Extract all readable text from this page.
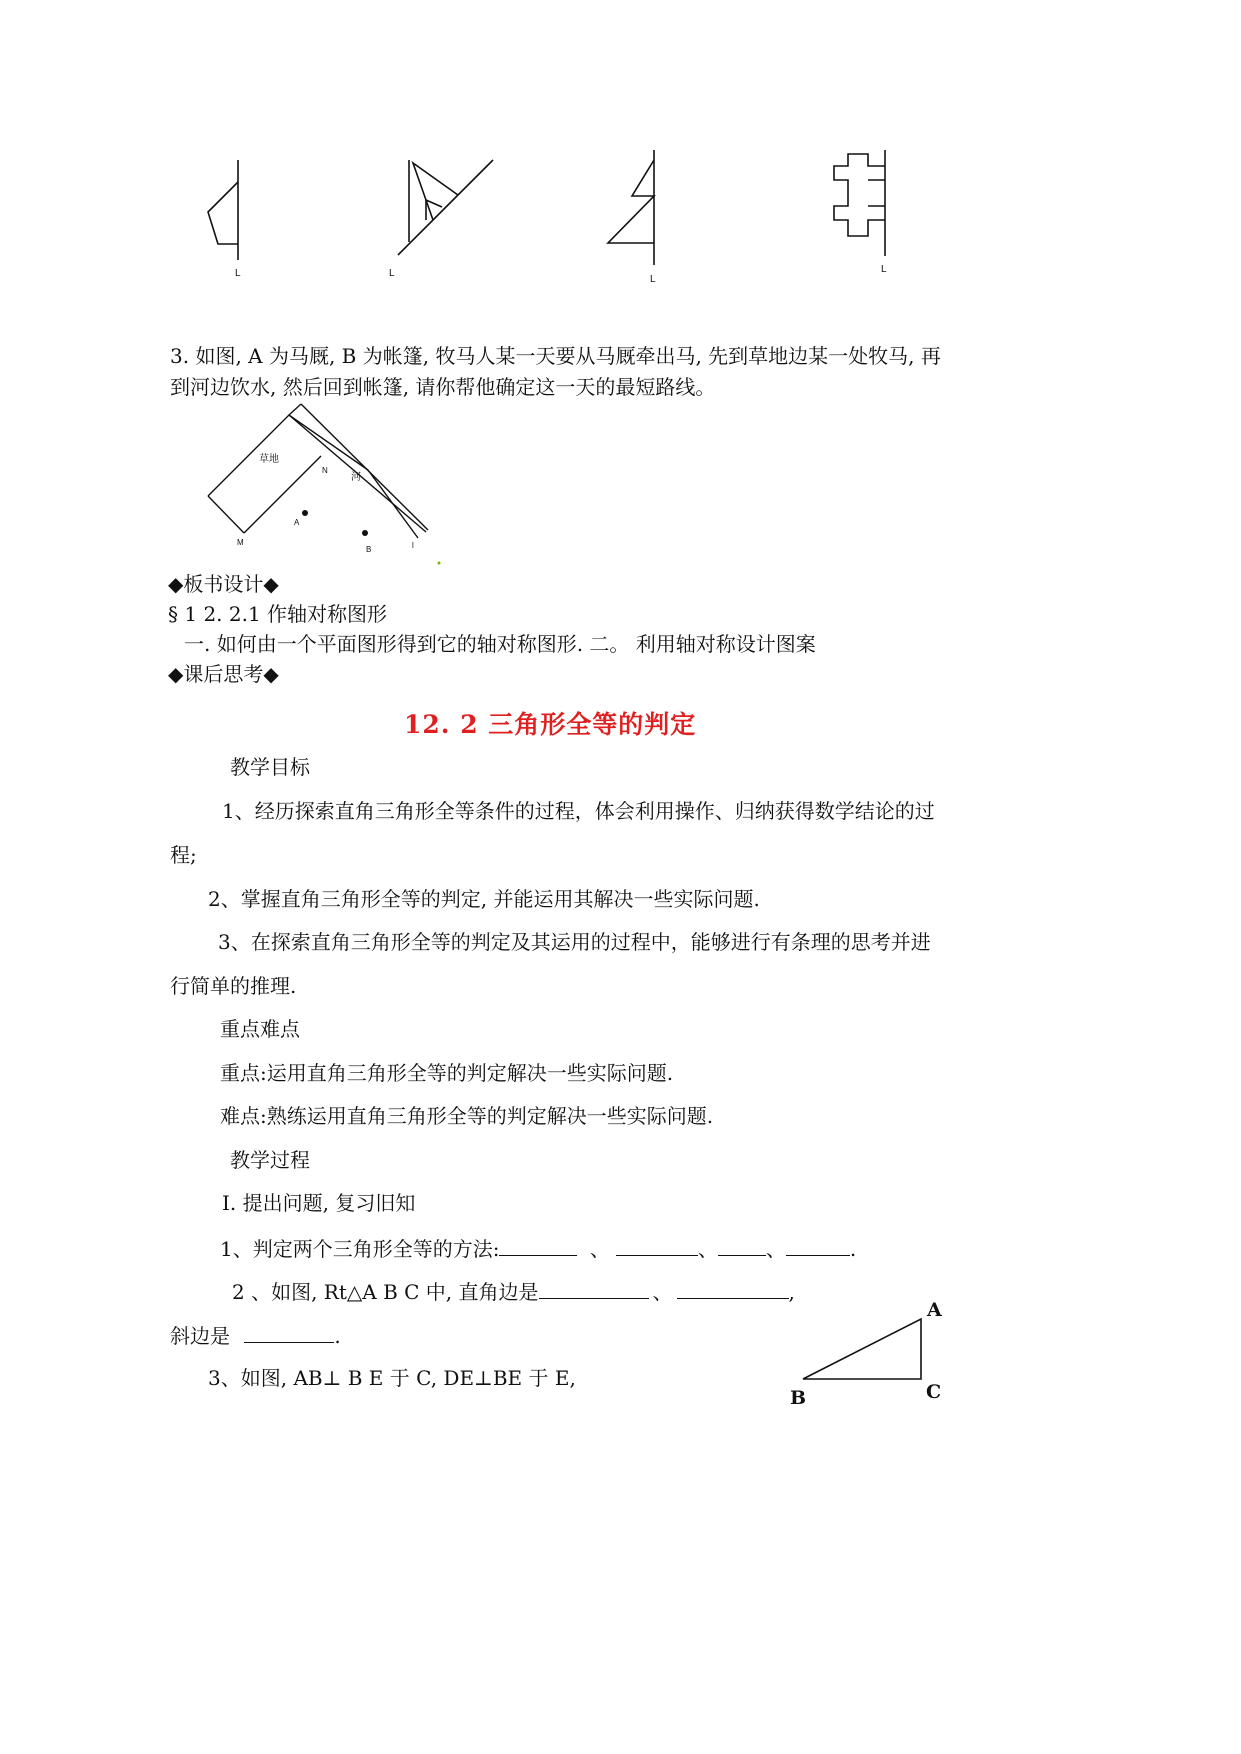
L	L
L
L
3. 如图, A 为马厩, B 为帐篷, 牧马人某一天要从马厩牵出马, 先到草地边某一处牧马, 再
到河边饮水, 然后回到帐篷, 请你帮他确定这一天的最短路线。
草地
河
N
A
B
M	l
◆板书设计◆
§ 1 2. 2.1 作轴对称图形
一. 如何由一个平面图形得到它的轴对称图形. 二。 利用轴对称设计图案
◆课后思考◆
12. 2 三角形全等的判定
教学目标
1、经历探索直角三角形全等条件的过程，体会利用操作、归纳获得数学结论的过
程;
2、掌握直角三角形全等的判定, 并能运用其解决一些实际问题.
3、在探索直角三角形全等的判定及其运用的过程中，能够进行有条理的思考并进
行简单的推理.
重点难点
重点:运用直角三角形全等的判定解决一些实际问题.
难点:熟练运用直角三角形全等的判定解决一些实际问题.
教学过程
Ⅰ. 提出问题, 复习旧知
1、判定两个三角形全等的方法:	、	、 、	.
2 、如图, Rt△A B C 中, 直角边是	、	,
斜边是	.
3、如图, AB⊥ B E 于 C, DE⊥BE 于 E,
A
B	C
